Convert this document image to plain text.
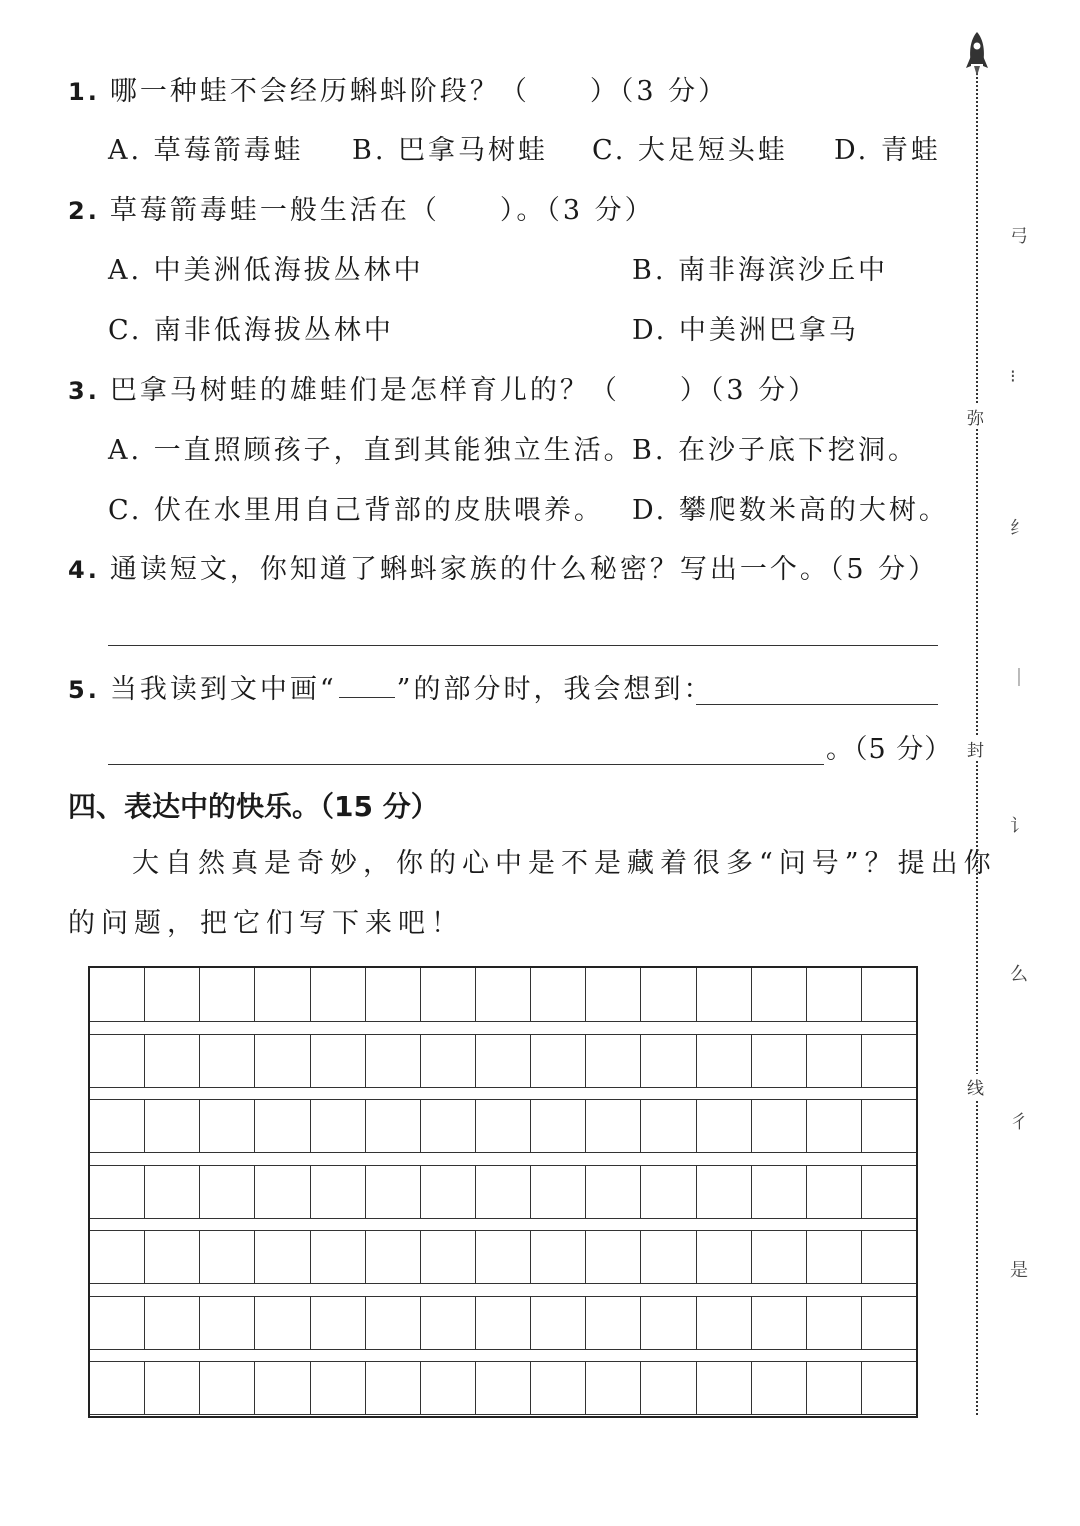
1. 哪一种蛙不会经历蝌蚪阶段？（　　）（3 分）
A. 草莓箭毒蛙 B. 巴拿马树蛙 C. 大足短头蛙 D. 青蛙
2. 草莓箭毒蛙一般生活在（　　）。（3 分）
A. 中美洲低海拔丛林中	B. 南非海滨沙丘中
C. 南非低海拔丛林中	D. 中美洲巴拿马
3. 巴拿马树蛙的雄蛙们是怎样育儿的？（　　）（3 分）
A. 一直照顾孩子，直到其能独立生活。
B. 在沙子底下挖洞。
C. 伏在水里用自己背部的皮肤喂养。 D. 攀爬数米高的大树。
4. 通读短文，你知道了蝌蚪家族的什么秘密？写出一个。（5 分）
5. 当我读到文中画“ ”的部分时，我会想到：
。（5 分）
四、表达中的快乐。（15 分）
大自然真是奇妙，你的心中是不是藏着很多“问号”？提出你
的问题，把它们写下来吧！
弥
封
线
弓
⁝
纟
｜
讠
么
彳
是
